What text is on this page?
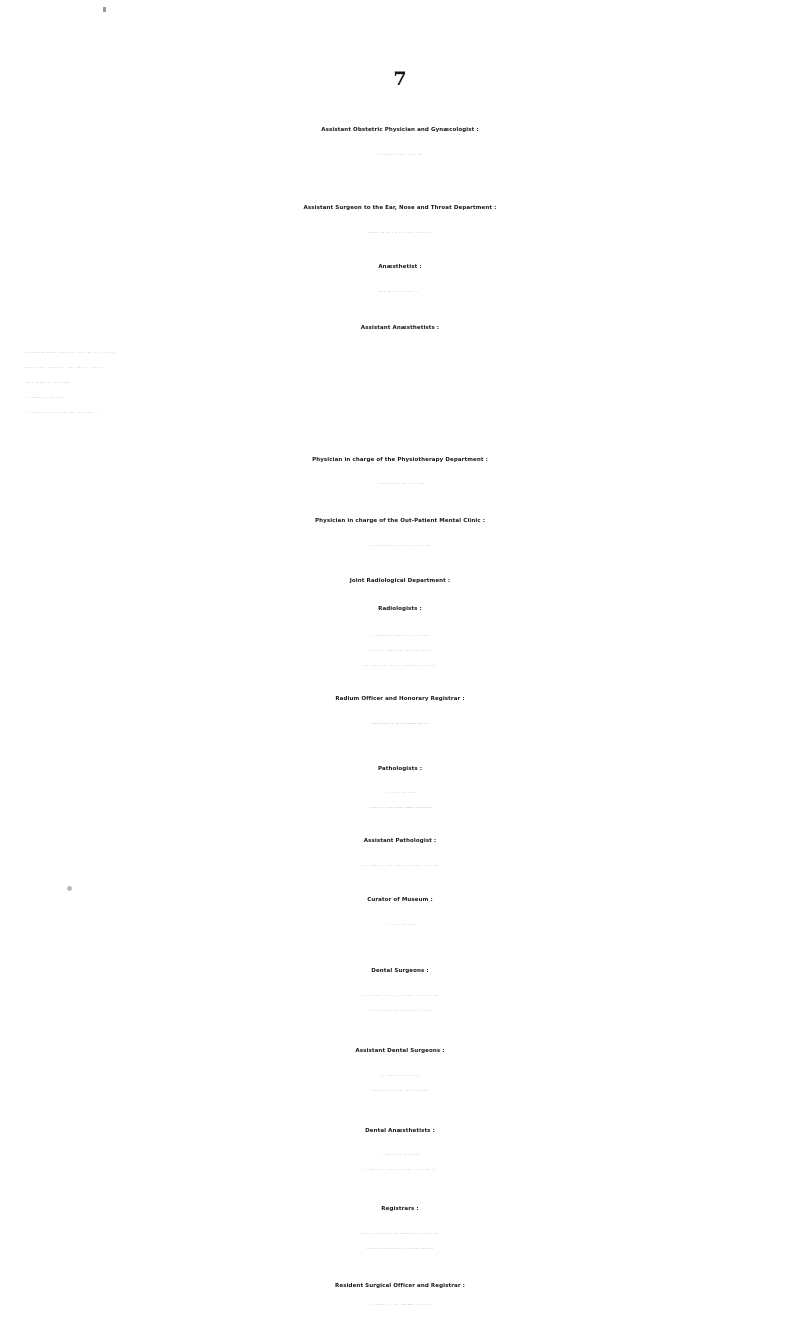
7
Assistant Obstetric Physician and Gynæcologist :
F. J. HECTOR, M.D. Lond., F.R.C.S. Eng.
Assistant Surgeon to the Ear, Nose and Throat Department :
GORDON R. SCARFF, M.B., Ch.B., Edin., F.R.C.S. Edin.
Anæsthetist :
CHAS. CORFIELD, M.D. Durh., D.A.
Assistant Anæsthetists :
WILLIAM RUSSELL COOPER, M.R.C.S. Eng., L.R.C.P. Lond., D.A., R.C.P. & S.
HAROLD B. LOGAN, M.R.C.S. Eng., L.R.C.P. Lond., D.A., R.C.P. & S.
JOHN R. DUERDEN, M.B., Ch.B. Bristol.
J. A. HOOKER, M.B., Ch.B. Bristol.
A. P. GORHAM, M.B., Ch.B., M.R.C.S. Eng., L.R.C.P. Lond., D.A.
Physician in charge of the Physiotherapy Department :
A. T. SPOOR, M.R.C.S. Eng., L.R.C.P. Lond.
Physician in charge of the Out-Patient Mental Clinic :
J. V. BLACHFORD, C.B.E., M.D. Durh., M.B., B.S. Lond.
Joint Radiological Department :
Radiologists :
F. GOWER BERGIN, M.R.C.S. Eng., L.R.C.P. Lond.
G. B. BUSH, B.A. Cantab., M.B., Ch.B. Bristol, D.M.R.E.
S. B. ADAMS, Ph.D., B.Sc., M.B., Ch.B. Bristol, D.M.R. Lond.
Radium Officer and Honorary Registrar :
Miss S. B. WIGODER, M.A., M.D., B.Ch., B.A.O., Ph.D.Univ.Dub., D.M.R.E., Livp.
Pathologists :
A. L. TAYLOR, M.D. Leeds.
T. F. HEWER, M.D., M.R.C.P. (Professor of Pathology, Bristol University)
Assistant Pathologist :
C. H. G. PRICE, M.D., Ch.B. Bristol, M.R.C.S. Eng., L.R.C.P. Lond.
Curator of Museum :
A. L. TAYLOR, M.D. Leeds.
Dental Surgeons :
N. H. KETTLEWELL, L.M.S.S.A., H.D.D. Edin., L.D.S., R.C.S. Eng.
S. K. RIGG, M.R.C.S. Eng., L.R.C.P. Lond., L.D.S. Eng.
Assistant Dental Surgeons :
F. R. HOGBIN, L.D.S., R.C.S. Eng.
JOHN WELLS, L.D.S. Leeds, H.D.D., R.C.S. Edin.
Dental Anæsthetists :
J. A. HOOKER, M.B., Ch.B. Bristol.
A. P. GORHAM, M.B., Ch.B., M.R.C.S. Eng., L.R.C.P. Lond., D.A.
Registrars :
Medical—H. F. M. FINZEL, M.D., Ch.B. Bristol, M.R.C.S. Eng., L.R.C.P. Lond.
Ear, Nose and Throat Department—H. ELWIN HARRIS, F.R.C.S. Eng.
Resident Surgical Officer and Registrar :
J. A. POCOCK, M.A., M.B., B.Ch. Camb., F.R.C.S. Eng
